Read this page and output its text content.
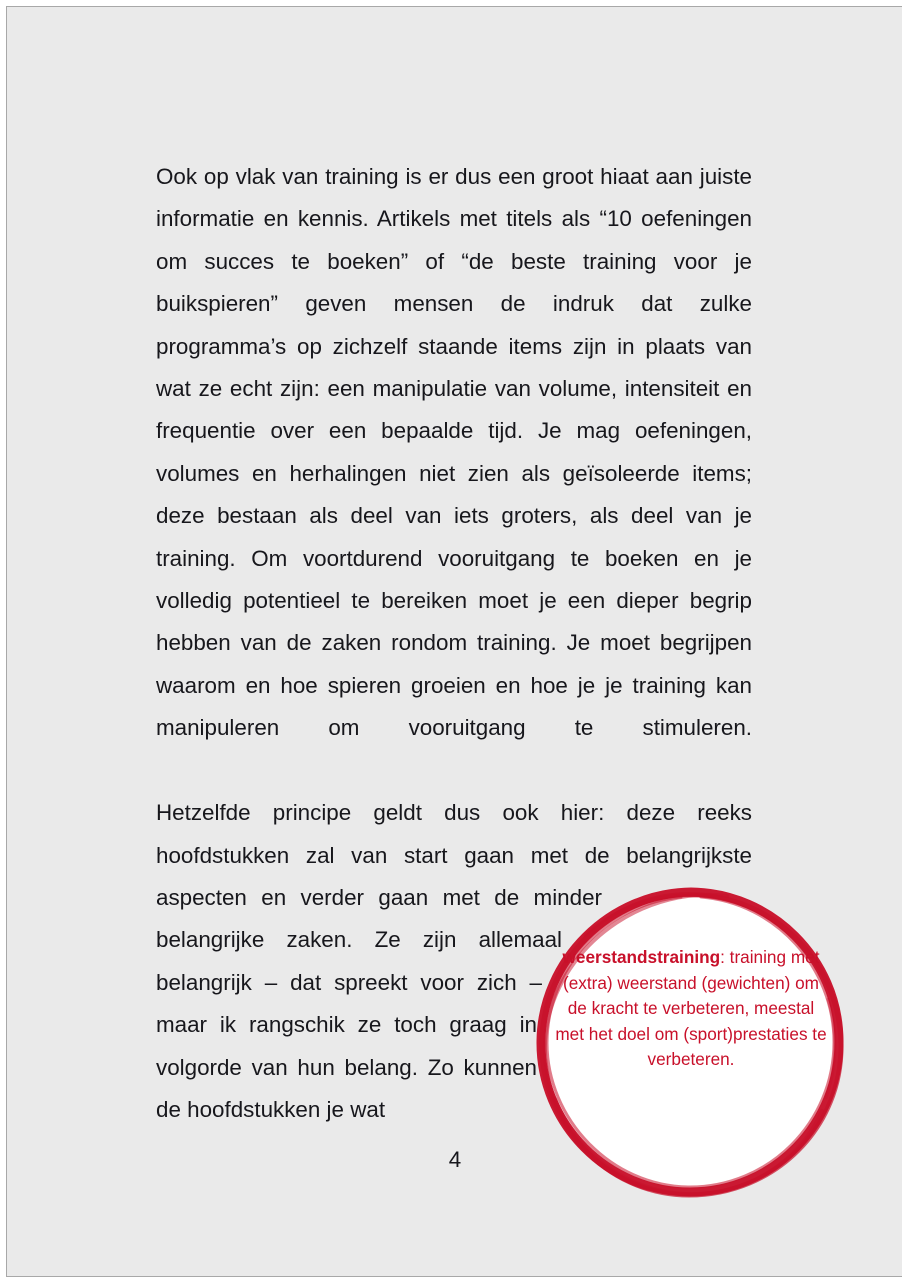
Ook op vlak van training is er dus een groot hiaat aan juiste informatie en kennis. Artikels met titels als “10 oefeningen om succes te boeken” of “de beste training voor je buikspieren” geven mensen de indruk dat zulke programma’s op zichzelf staande items zijn in plaats van wat ze echt zijn: een manipulatie van volume, intensiteit en frequentie over een bepaalde tijd. Je mag oefeningen, volumes en herhalingen niet zien als geïsoleerde items; deze bestaan als deel van iets groters, als deel van je training. Om voortdurend vooruitgang te boeken en je volledig potentieel te bereiken moet je een dieper begrip hebben van de zaken rondom training. Je moet begrijpen waarom en hoe spieren groeien en hoe je je training kan manipuleren om vooruitgang te stimuleren.

Hetzelfde principe geldt dus ook hier: deze reeks hoofdstukken zal van start gaan met de belangrijkste aspecten en verder gaan met de minder belangrijke zaken. Ze zijn allemaal belangrijk – dat spreekt voor zich – maar ik rangschik ze toch graag in volgorde van hun belang. Zo kunnen de hoofdstukken je wat

weerstandstraining: training met (extra) weerstand (gewichten) om de kracht te verbeteren, meestal met het doel om (sport)prestaties te verbeteren.
4
